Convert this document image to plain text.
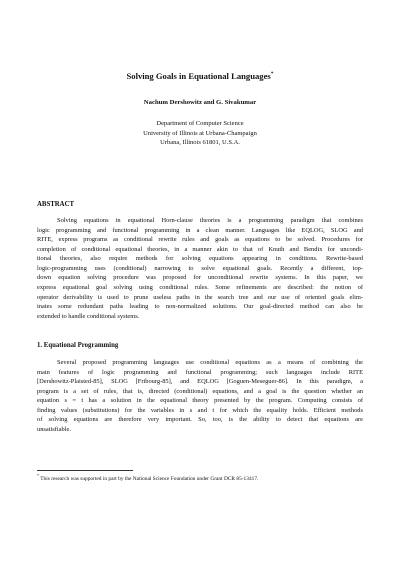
Solving Goals in Equational Languages*
Nachum Dershowitz and G. Sivakumar
Department of Computer Science
University of Illinois at Urbana-Champaign
Urbana, Illinois 61801, U.S.A.
ABSTRACT
Solving equations in equational Horn-clause theories is a programming paradigm that combines
logic programming and functional programming in a clean manner. Languages like EQLOG, SLOG and
RITE, express programs as conditional rewrite rules and goals as equations to be solved. Procedures for
completion of conditional equational theories, in a manner akin to that of Knuth and Bendix for uncondi-
tional theories, also require methods for solving equations appearing in conditions. Rewrite-based
logic-programming uses (conditional) narrowing to solve equational goals. Recently a different, top-
down equation solving procedure was proposed for unconditional rewrite systems. In this paper, we
express equational goal solving using conditional rules. Some refinements are described: the notion of
operator derivability is used to prune useless paths in the search tree and our use of oriented goals elim-
inates some redundant paths leading to non-normalized solutions. Our goal-directed method can also be
extended to handle conditional systems.
1. Equational Programming
Several proposed programming languages use conditional equations as a means of combining the
main features of logic programming and functional programming; such languages include RITE
[Dershowitz-Plaisted-85], SLOG [Fribourg-85], and EQLOG [Goguen-Meseguer-86]. In this paradigm, a
program is a set of rules, that is, directed (conditional) equations, and a goal is the question whether an
equation s = t has a solution in the equational theory presented by the program. Computing consists of
finding values (substitutions) for the variables in s and t for which the equality holds. Efficient methods
of solving equations are therefore very important. So, too, is the ability to detect that equations are
unsatisfiable.
* This research was supported in part by the National Science Foundation under Grant DCR 85-13417.
